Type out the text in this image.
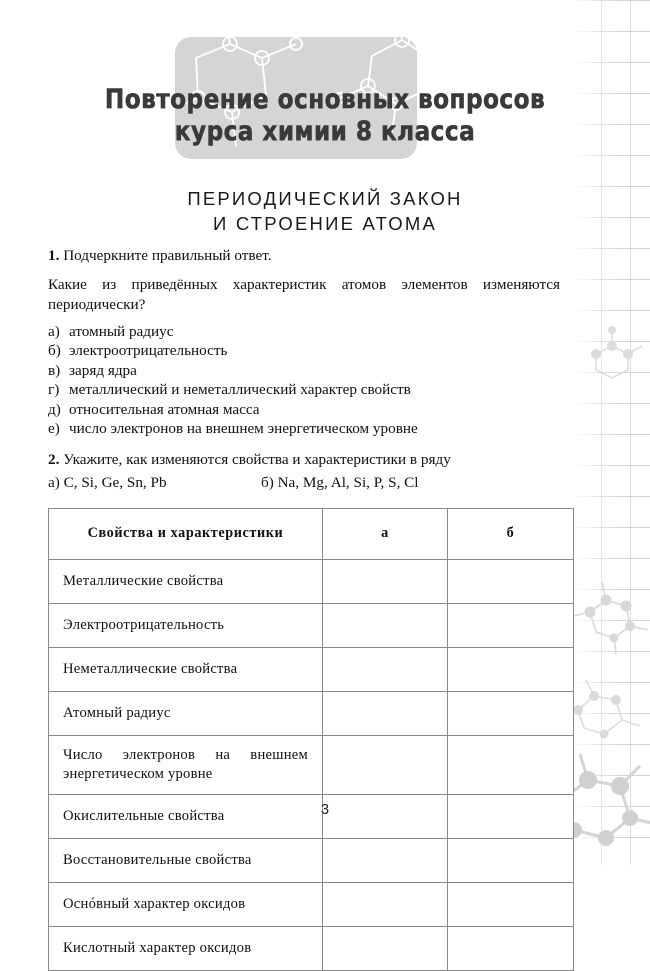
Повторение основных вопросов
курса химии 8 класса
ПЕРИОДИЧЕСКИЙ ЗАКОН
И СТРОЕНИЕ АТОМА

1. Подчеркните правильный ответ.

Какие из приведённых характеристик атомов элементов изменяются периодически?

а) атомный радиус
б) электроотрицательность
в) заряд ядра
г) металлический и неметаллический характер свойств
д) относительная атомная масса
е) число электронов на внешнем энергетическом уровне

2. Укажите, как изменяются свойства и характеристики в ряду

а) C, Si, Ge, Sn, Pb	б) Na, Mg, Al, Si, P, S, Cl
Свойства и характеристики	а	б
Металлические свойства		
Электроотрицательность		
Неметаллические свойства		
Атомный радиус		
Число электронов на внешнем энергетическом уровне		
Окислительные свойства		
Восстановительные свойства		
Оснóвный характер оксидов		
Кислотный характер оксидов		
3
